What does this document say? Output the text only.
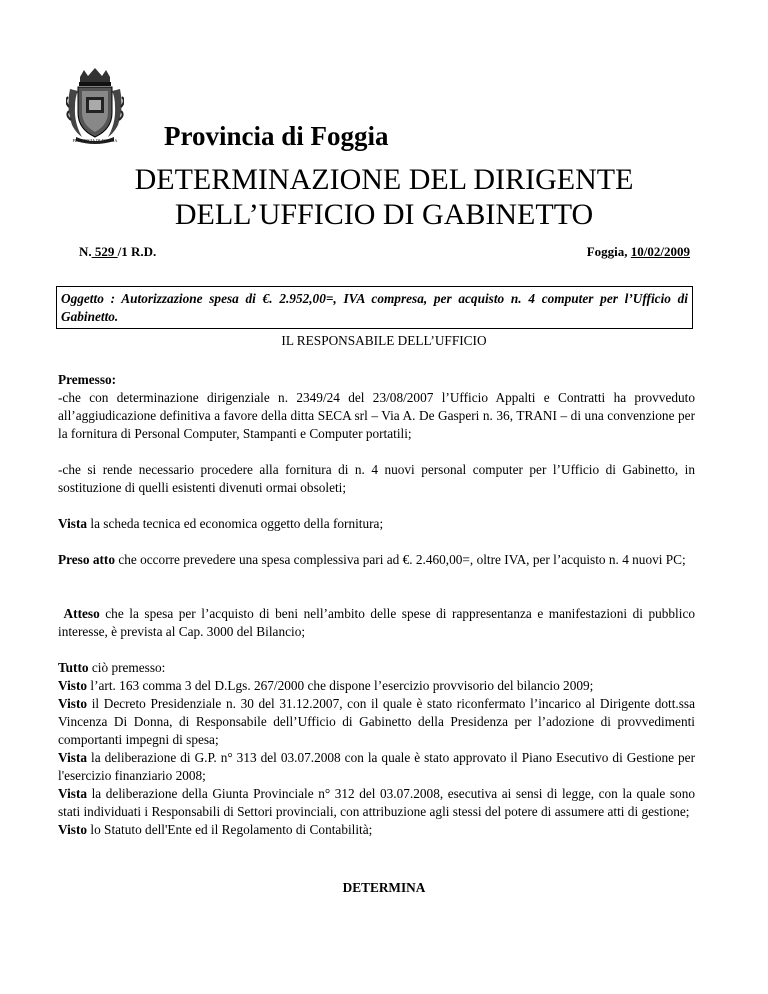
PROVINCIA DI FOGGIA Provincia di Foggia
DETERMINAZIONE DEL DIRIGENTE
DELL’UFFICIO DI GABINETTO
N. 529 /1 R.D.	Foggia, 10/02/2009
Oggetto : Autorizzazione spesa di €. 2.952,00=, IVA compresa, per acquisto n. 4 computer per l’Ufficio di Gabinetto.
IL RESPONSABILE DELL’UFFICIO

Premesso:

-che con determinazione dirigenziale n. 2349/24 del 23/08/2007 l’Ufficio Appalti e Contratti ha provveduto all’aggiudicazione definitiva a favore della ditta SECA srl – Via A. De Gasperi n. 36, TRANI – di una convenzione per la fornitura di Personal Computer, Stampanti e Computer portatili;

-che si rende necessario procedere alla fornitura di n. 4 nuovi personal computer per l’Ufficio di Gabinetto, in sostituzione di quelli esistenti divenuti ormai obsoleti;
Vista la scheda tecnica ed economica oggetto della fornitura;
Preso atto che occorre prevedere una spesa complessiva pari ad €. 2.460,00=, oltre IVA, per l’acquisto n. 4 nuovi PC;
Atteso che la spesa per l’acquisto di beni nell’ambito delle spese di rappresentanza e manifestazioni di pubblico interesse, è prevista al Cap. 3000 del Bilancio;

Tutto ciò premesso:

Visto l’art. 163 comma 3 del D.Lgs. 267/2000 che dispone l’esercizio provvisorio del bilancio 2009;

Visto il Decreto Presidenziale n. 30 del 31.12.2007, con il quale è stato riconfermato l’incarico al Dirigente dott.ssa Vincenza Di Donna, di Responsabile dell’Ufficio di Gabinetto della Presidenza per l’adozione di provvedimenti comportanti impegni di spesa;

Vista la deliberazione di G.P. n° 313 del 03.07.2008 con la quale è stato approvato il Piano Esecutivo di Gestione per l'esercizio finanziario 2008;

Vista la deliberazione della Giunta Provinciale n° 312 del 03.07.2008, esecutiva ai sensi di legge, con la quale sono stati individuati i Responsabili di Settori provinciali, con attribuzione agli stessi del potere di assumere atti di gestione;

Visto lo Statuto dell'Ente ed il Regolamento di Contabilità;

DETERMINA
